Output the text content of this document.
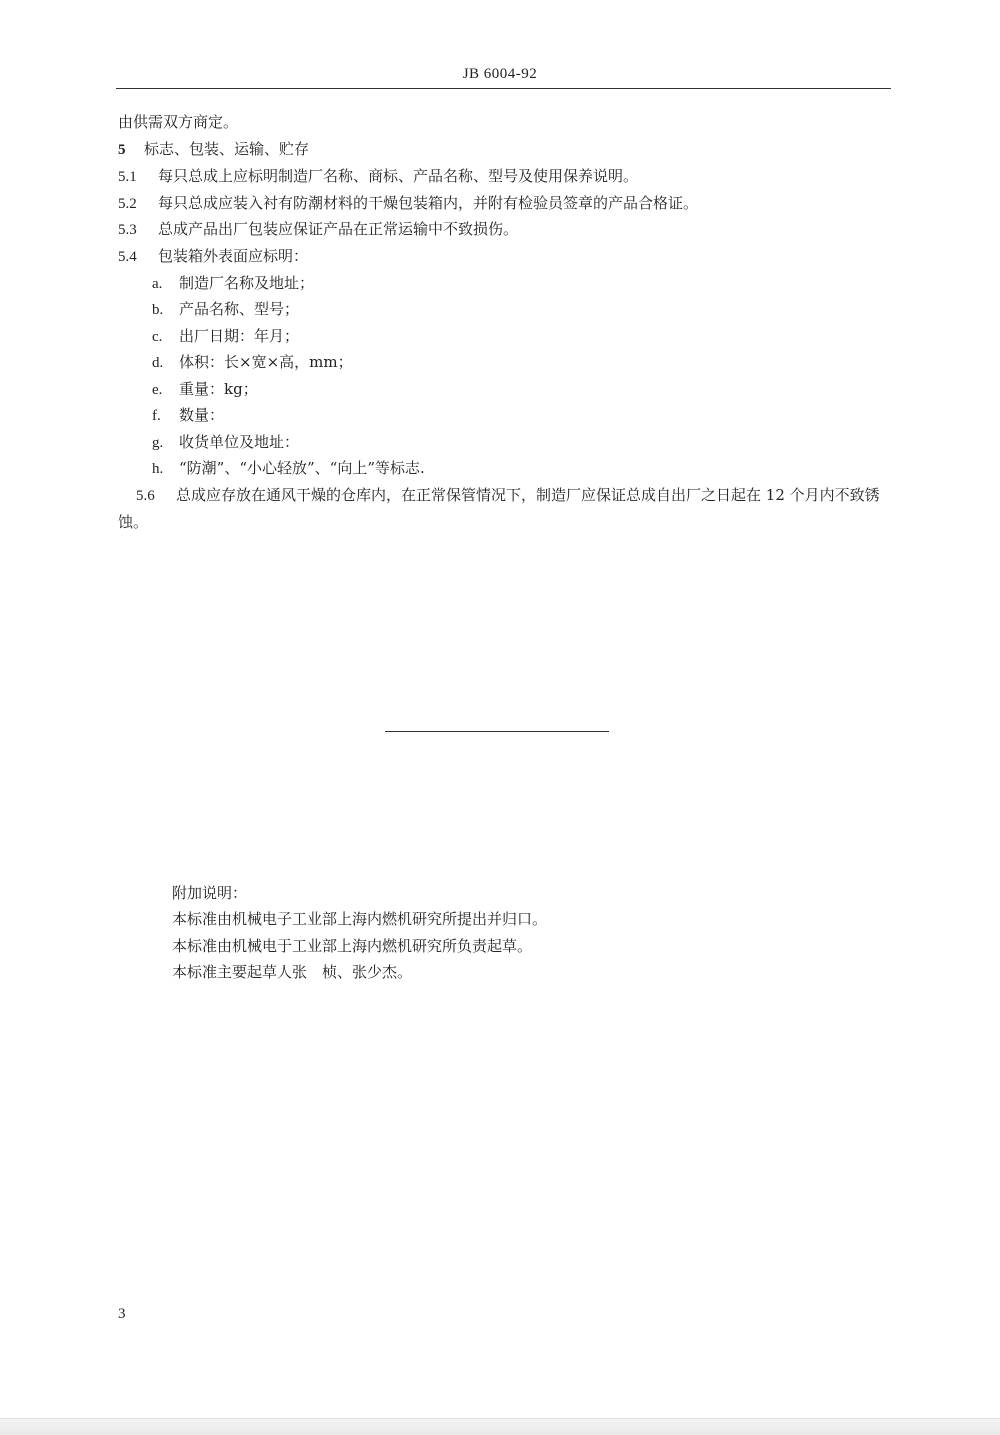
JB 6004-92
由供需双方商定。
5 标志、包装、运输、贮存
5.1 每只总成上应标明制造厂名称、商标、产品名称、型号及使用保养说明。
5.2 每只总成应装入衬有防潮材料的干燥包装箱内，并附有检验员签章的产品合格证。
5.3 总成产品出厂包装应保证产品在正常运输中不致损伤。
5.4 包装箱外表面应标明：
a. 制造厂名称及地址；
b. 产品名称、型号；
c. 出厂日期：年月；
d. 体积：长×宽×高，mm；
e. 重量：kg；
f. 数量：
g. 收货单位及地址：
h. “防潮”、“小心轻放”、“向上”等标志.
5.6 总成应存放在通风干燥的仓库内，在正常保管情况下，制造厂应保证总成自出厂之日起在 12 个月内不致锈蚀。
附加说明：
本标准由机械电子工业部上海内燃机研究所提出并归口。
本标准由机械电于工业部上海内燃机研究所负责起草。
本标准主要起草人张　桢、张少杰。
3
